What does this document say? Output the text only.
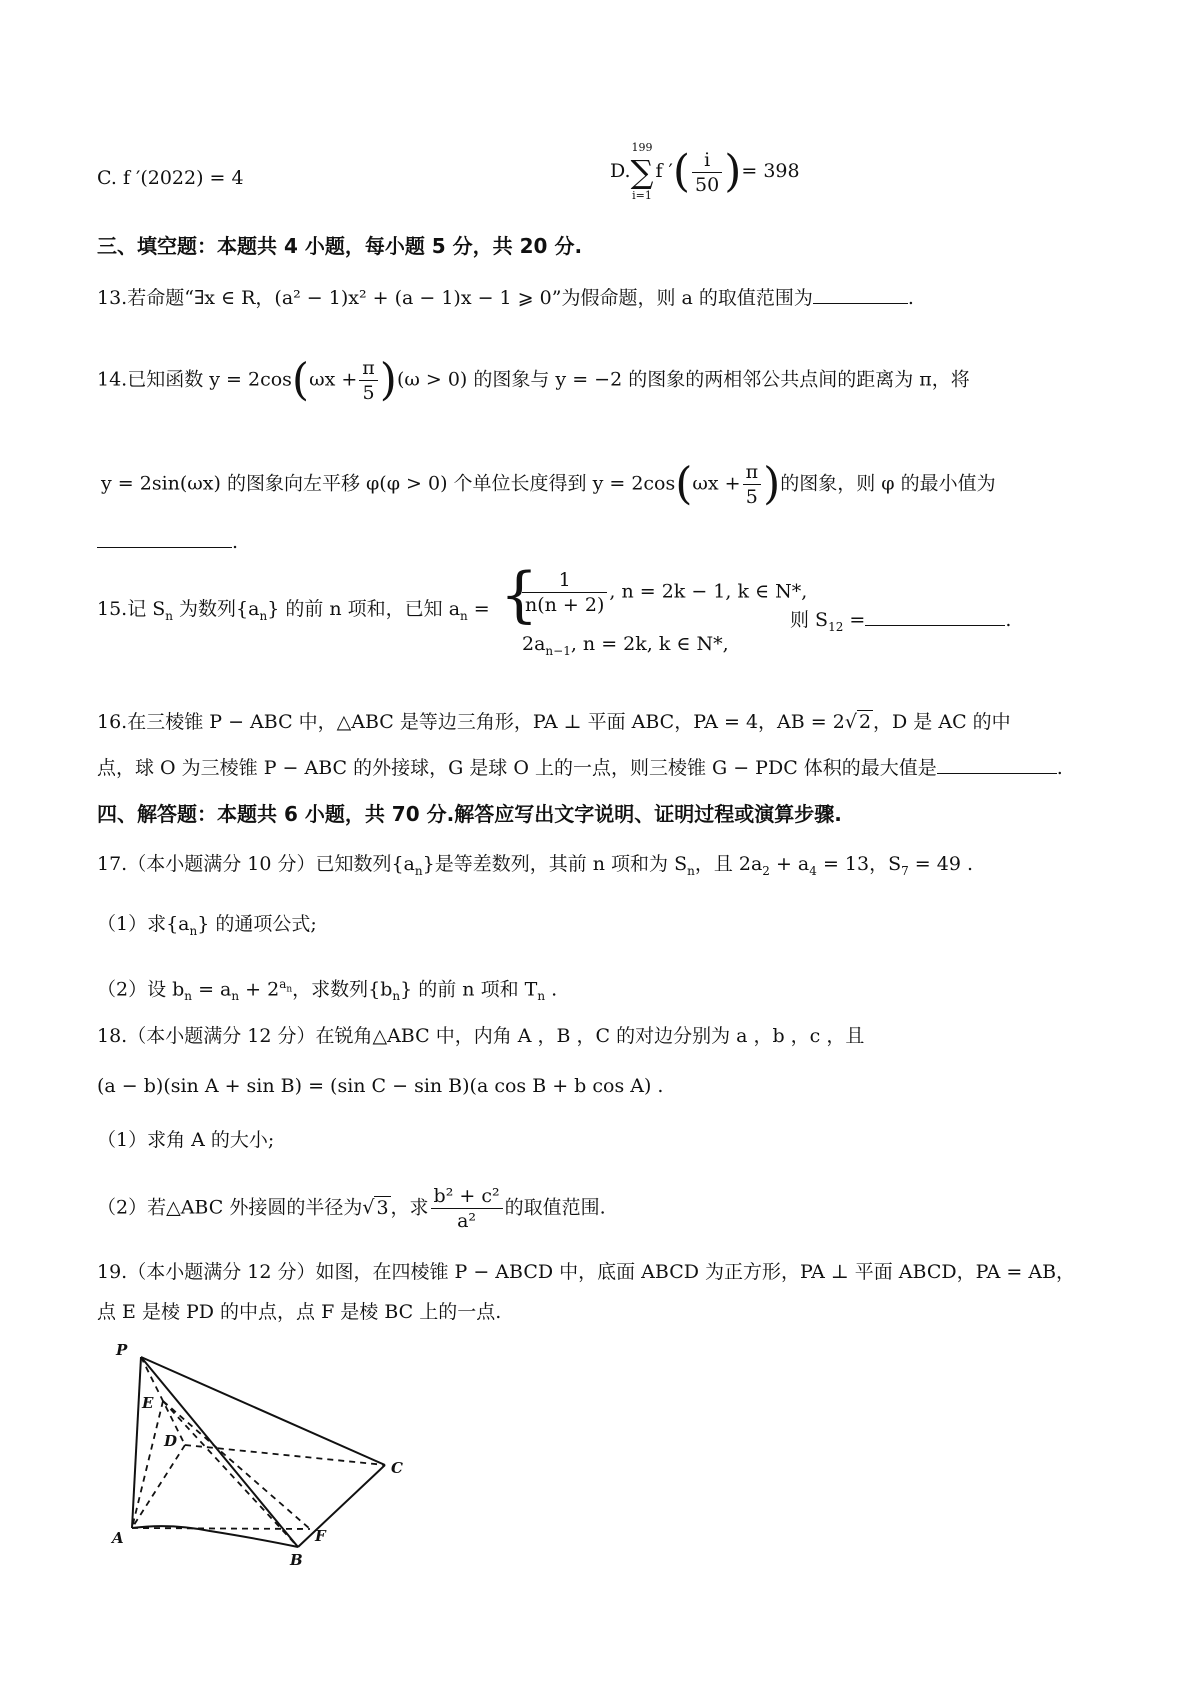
C. f ′(2022) = 4	D.
199
∑
i=1
f ′( $\frac{i}{50}$ )= 398
三、填空题：本题共 4 小题，每小题 5 分，共 20 分.
13.若命题“∃x ∈ R，(a² − 1)x² + (a − 1)x − 1 ⩾ 0”为假命题，则 a 的取值范围为	.
14.已知函数 $y = 2\cos(\omega x + \frac{\pi}{5} )(\omega > 0)$ 的图象与 y = −2 的图象的两相邻公共点间的距离为 π，将
y = 2sin(ωx) 的图象向左平移 φ(φ > 0) 个单位长度得到 $y = 2\cos(\omega x + \frac{\pi}{5}$ )的图象，则 φ 的最小值为
.
15.记 $S_n$ 为数列$\{a_n\}$ 的前 n 项和，已知 $a_n$ = {
$\frac{1}{n(n + 2)}$ , n = 2k − 1, k ∈ N*,
$2a_{n-1}$, n = 2k, k ∈ N*,
则 $S_{12}$ =	.
16.在三棱锥 P − ABC 中，△ABC 是等边三角形，PA ⊥ 平面 ABC，PA = 4，AB = 2√ 2 ，D 是 AC 的中
点，球 O 为三棱锥 P − ABC 的外接球，G 是球 O 上的一点，则三棱锥 G − PDC 体积的最大值是	.
四、解答题：本题共 6 小题，共 70 分.解答应写出文字说明、证明过程或演算步骤.
17.（本小题满分 10 分）已知数列$\{a_n\}$是等差数列，其前 n 项和为 $S_n$，且 $2a_2 + a_4 = 13$，$S_7 = 49$ .
（1）求$\{a_n\}$ 的通项公式;
（2）设 $b_n = a_n + 2^{a_n}$，求数列$\{b_n\}$ 的前 n 项和 $T_n$ .
18.（本小题满分 12 分）在锐角△ABC 中，内角 A ，B ，C 的对边分别为 a ，b ，c ，且
(a − b)(sin A + sin B) = (sin C − sin B)(a cos B + b cos A) .
（1）求角 A 的大小;
（2）若△ABC 外接圆的半径为√ 3 ，求 $\frac{\text{b² + c²}}{\text{a²}}$ 的取值范围.
19.（本小题满分 12 分）如图，在四棱锥 P − ABCD 中，底面 ABCD 为正方形，PA ⊥ 平面 ABCD，PA = AB，
点 E 是棱 PD 的中点，点 F 是棱 BC 上的一点.
P
E
D
C
A
B
F
